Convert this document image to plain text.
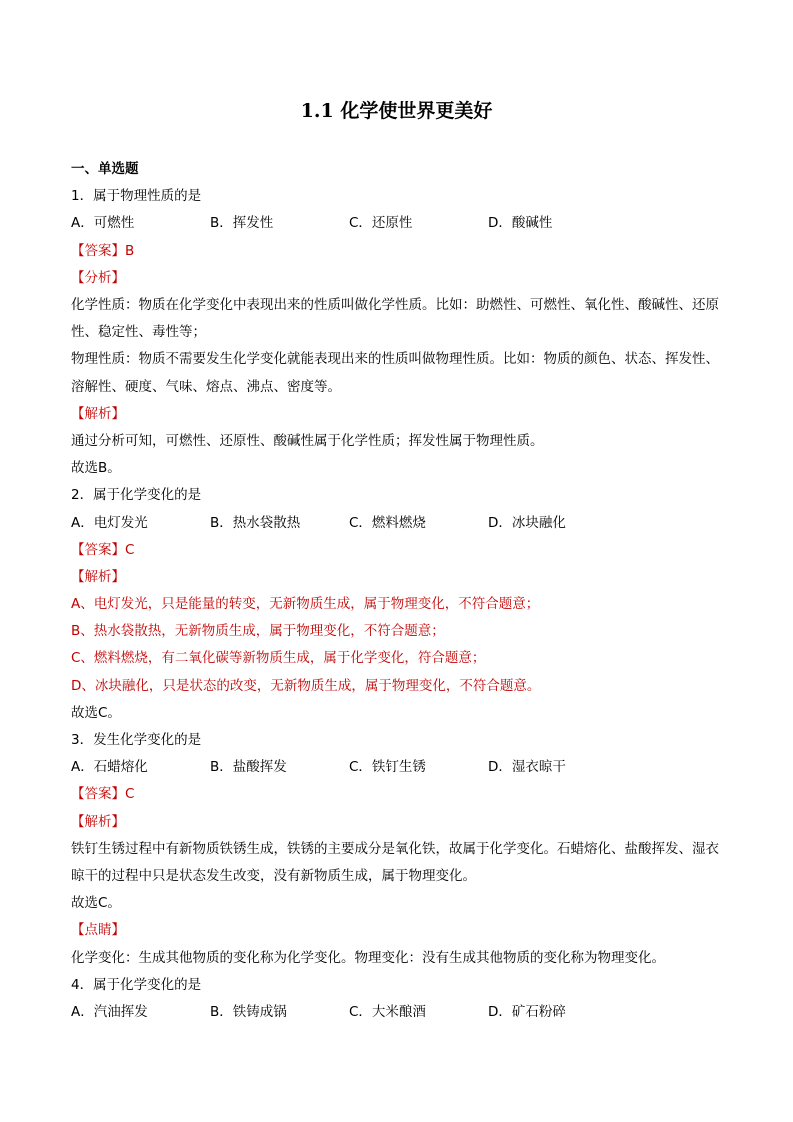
1.1 化学使世界更美好
一、单选题
1．属于物理性质的是
A．可燃性	B．挥发性	C．还原性	D．酸碱性
【答案】B
【分析】
化学性质：物质在化学变化中表现出来的性质叫做化学性质。比如：助燃性、可燃性、氧化性、酸碱性、还原性、稳定性、毒性等；
物理性质：物质不需要发生化学变化就能表现出来的性质叫做物理性质。比如：物质的颜色、状态、挥发性、溶解性、硬度、气味、熔点、沸点、密度等。
【解析】
通过分析可知，可燃性、还原性、酸碱性属于化学性质；挥发性属于物理性质。
故选B。
2．属于化学变化的是
A．电灯发光	B．热水袋散热	C．燃料燃烧	D．冰块融化
【答案】C
【解析】
A、电灯发光，只是能量的转变，无新物质生成，属于物理变化，不符合题意；
B、热水袋散热，无新物质生成，属于物理变化，不符合题意；
C、燃料燃烧，有二氧化碳等新物质生成，属于化学变化，符合题意；
D、冰块融化，只是状态的改变，无新物质生成，属于物理变化，不符合题意。
故选C。
3．发生化学变化的是
A．石蜡熔化	B．盐酸挥发	C．铁钉生锈	D．湿衣晾干
【答案】C
【解析】
铁钉生锈过程中有新物质铁锈生成，铁锈的主要成分是氧化铁，故属于化学变化。石蜡熔化、盐酸挥发、湿衣晾干的过程中只是状态发生改变，没有新物质生成，属于物理变化。
故选C。
【点睛】
化学变化：生成其他物质的变化称为化学变化。物理变化：没有生成其他物质的变化称为物理变化。
4．属于化学变化的是
A．汽油挥发	B．铁铸成锅	C．大米酿酒	D．矿石粉碎
